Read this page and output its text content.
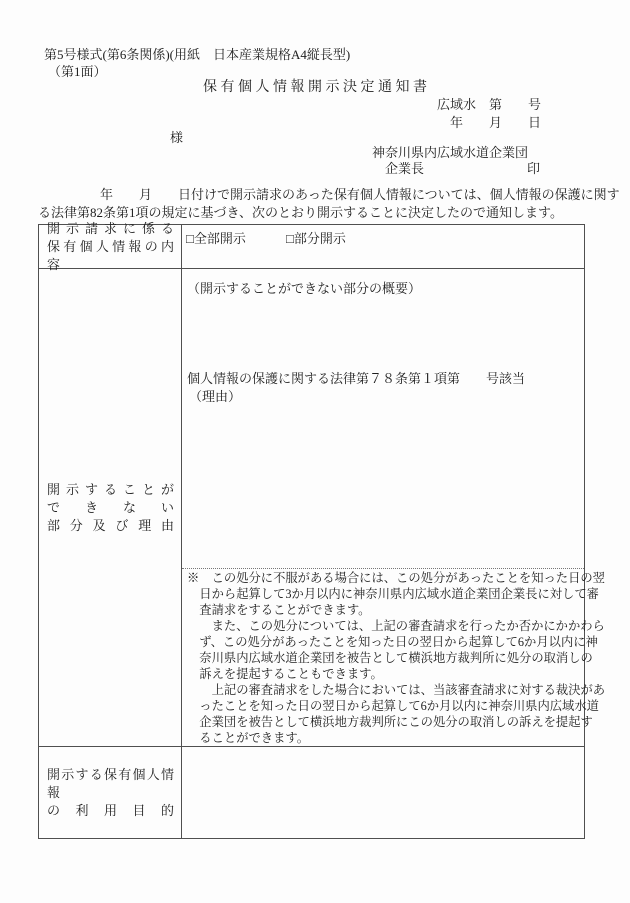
第5号様式(第6条関係)(用紙　日本産業規格A4縦長型)
（第1面）
保 有 個 人 情 報 開 示 決 定 通 知 書
広域水　第　　号
年　　月　　日
様
神奈川県内広域水道企業団
企業長	印
年　　月　　日付けで開示請求のあった保有個人情報については、個人情報の保護に関す
る法律第82条第1項の規定に基づき、次のとおり開示することに決定したので通知します。
開 示 請 求 に 係 る
保 有 個 人 情 報 の 内 容
□全部開示	□部分開示
開 示 す る こ と が
で き な い
部 分 及 び 理 由
（開示することができない部分の概要）
個人情報の保護に関する法律第７８条第１項第　　号該当
（理由）
※　この処分に不服がある場合には、この処分があったことを知った日の翌
　日から起算して3か月以内に神奈川県内広域水道企業団企業長に対して審
　査請求をすることができます。
　　また、この処分については、上記の審査請求を行ったか否かにかかわら
　ず、この処分があったことを知った日の翌日から起算して6か月以内に神
　奈川県内広域水道企業団を被告として横浜地方裁判所に処分の取消しの
　訴えを提起することもできます。
　　上記の審査請求をした場合においては、当該審査請求に対する裁決があ
　ったことを知った日の翌日から起算して6か月以内に神奈川県内広域水道
　企業団を被告として横浜地方裁判所にこの処分の取消しの訴えを提起す
　ることができます。
開示する保有個人情報
の 利 用 目 的
